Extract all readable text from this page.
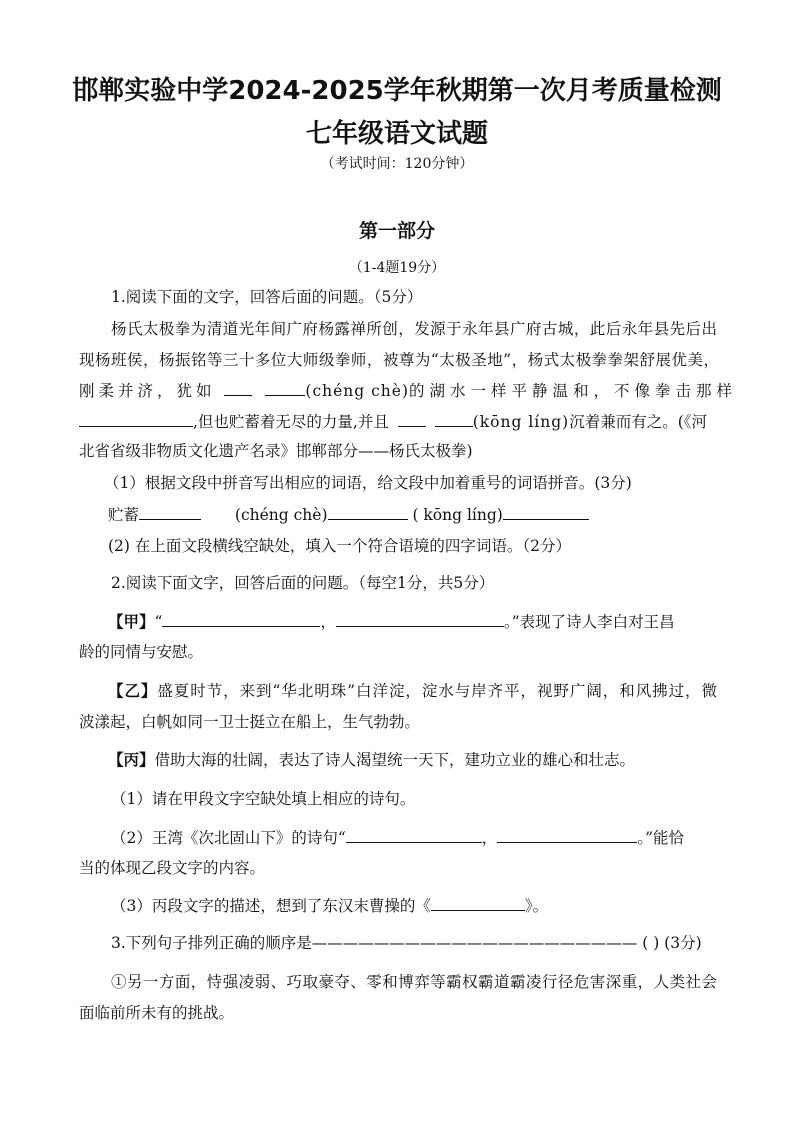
邯郸实验中学2024-2025学年秋期第一次月考质量检测
七年级语文试题
（考试时间：120分钟）
第一部分
（1-4题19分）
1.阅读下面的文字，回答后面的问题。（5分）
杨氏太极拳为清道光年间广府杨露禅所创，发源于永年县广府古城，此后永年县先后出
现杨班侯，杨振铭等三十多位大师级拳师，被尊为“太极圣地”，杨式太极拳拳架舒展优美，
刚柔并济，犹如	(chéng chè)的湖水一样平静温和，不像拳击那样
,但也贮蓄着无尽的力量,并且	(kōng líng)沉着兼而有之。(《河
北省省级非物质文化遗产名录》邯郸部分——杨氏太极拳)
（1）根据文段中拼音写出相应的词语，给文段中加着重号的词语拼音。(3分)
贮蓄	(chéng chè)	( kōng líng)
(2) 在上面文段横线空缺处，填入一个符合语境的四字词语。（2分）
2.阅读下面文字，回答后面的问题。（每空1分，共5分）
【甲】“	，	。”表现了诗人李白对王昌
龄的同情与安慰。
【乙】盛夏时节，来到“华北明珠”白洋淀，淀水与岸齐平，视野广阔，和风拂过，微
波漾起，白帆如同一卫士挺立在船上，生气勃勃。
【丙】借助大海的壮阔，表达了诗人渴望统一天下，建功立业的雄心和壮志。
（1）请在甲段文字空缺处填上相应的诗句。
（2）王湾《次北固山下》的诗句“	，	。”能恰
当的体现乙段文字的内容。
（3）丙段文字的描述，想到了东汉末曹操的《	》。
3.下列句子排列正确的顺序是————————————————————— ( ) (3分)
①另一方面，恃强凌弱、巧取豪夺、零和博弈等霸权霸道霸凌行径危害深重，人类社会
面临前所未有的挑战。
